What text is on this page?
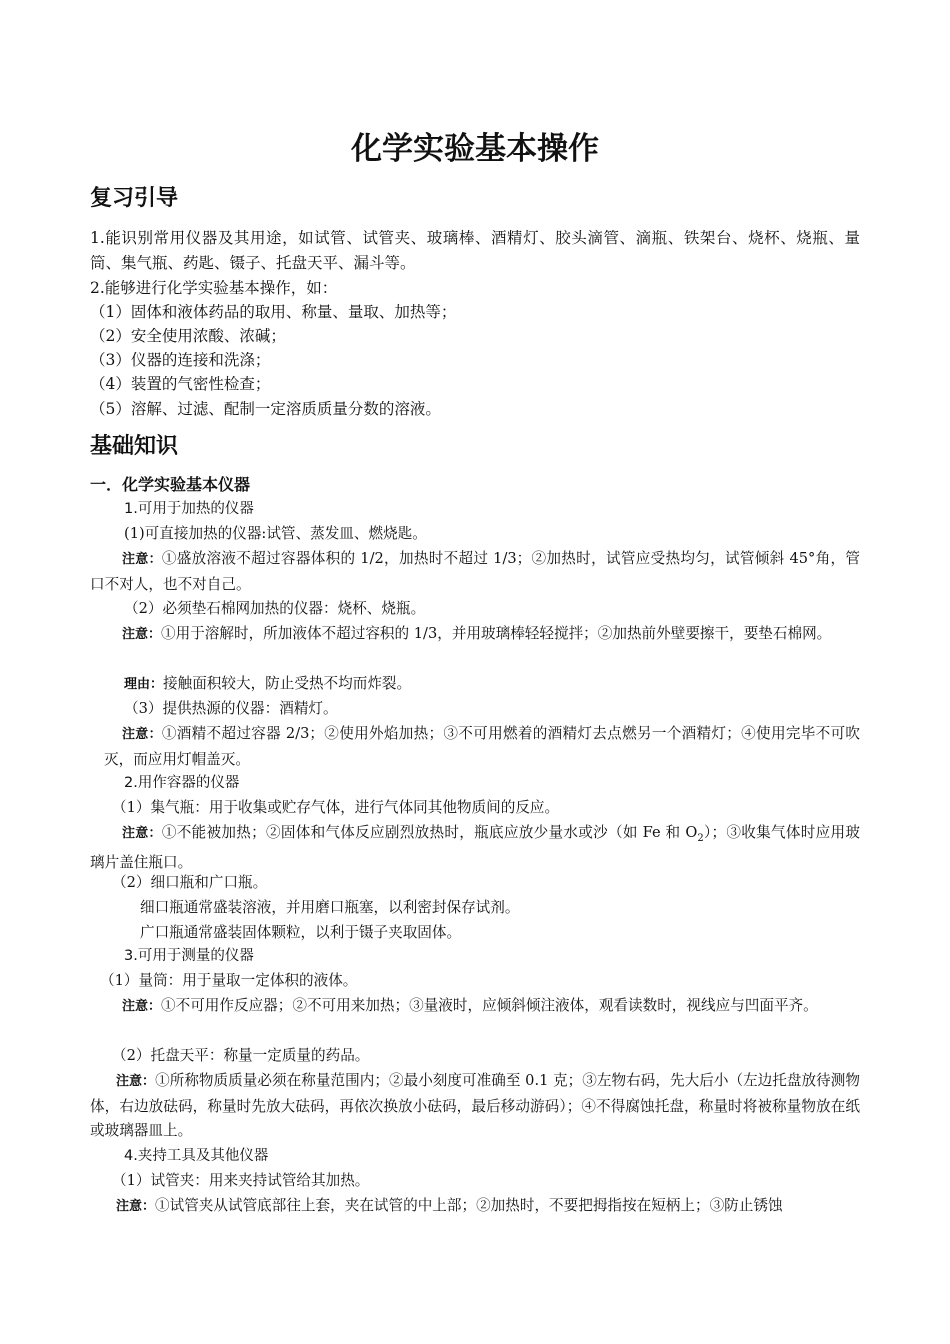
化学实验基本操作
复习引导
1.能识别常用仪器及其用途，如试管、试管夹、玻璃棒、酒精灯、胶头滴管、滴瓶、铁架台、烧杯、烧瓶、量筒、集气瓶、药匙、镊子、托盘天平、漏斗等。
2.能够进行化学实验基本操作，如：
（1）固体和液体药品的取用、称量、量取、加热等；
（2）安全使用浓酸、浓碱；
（3）仪器的连接和洗涤；
（4）装置的气密性检查；
（5）溶解、过滤、配制一定溶质质量分数的溶液。
基础知识
一．化学实验基本仪器
1.可用于加热的仪器
(1)可直接加热的仪器:试管、蒸发皿、燃烧匙。
注意：①盛放溶液不超过容器体积的 1/2，加热时不超过 1/3；②加热时，试管应受热均匀，试管倾斜 45°角，管口不对人，也不对自己。
（2）必须垫石棉网加热的仪器：烧杯、烧瓶。
注意：①用于溶解时，所加液体不超过容积的 1/3，并用玻璃棒轻轻搅拌；②加热前外壁要擦干，要垫石棉网。
理由：接触面积较大，防止受热不均而炸裂。
（3）提供热源的仪器：酒精灯。
注意：①酒精不超过容器 2/3；②使用外焰加热；③不可用燃着的酒精灯去点燃另一个酒精灯；④使用完毕不可吹灭，而应用灯帽盖灭。
2.用作容器的仪器
（1）集气瓶：用于收集或贮存气体，进行气体同其他物质间的反应。
注意：①不能被加热；②固体和气体反应剧烈放热时，瓶底应放少量水或沙（如 Fe 和 $O_2$）；③收集气体时应用玻璃片盖住瓶口。
（2）细口瓶和广口瓶。
细口瓶通常盛装溶液，并用磨口瓶塞，以利密封保存试剂。
广口瓶通常盛装固体颗粒，以利于镊子夹取固体。
3.可用于测量的仪器
（1）量筒：用于量取一定体积的液体。
注意：①不可用作反应器；②不可用来加热；③量液时，应倾斜倾注液体，观看读数时，视线应与凹面平齐。
（2）托盘天平：称量一定质量的药品。
注意：①所称物质质量必须在称量范围内；②最小刻度可准确至 0.1 克；③左物右码，先大后小（左边托盘放待测物体，右边放砝码，称量时先放大砝码，再依次换放小砝码，最后移动游码）；④不得腐蚀托盘，称量时将被称量物放在纸或玻璃器皿上。
4.夹持工具及其他仪器
（1）试管夹：用来夹持试管给其加热。
注意：①试管夹从试管底部往上套，夹在试管的中上部；②加热时，不要把拇指按在短柄上；③防止锈蚀
